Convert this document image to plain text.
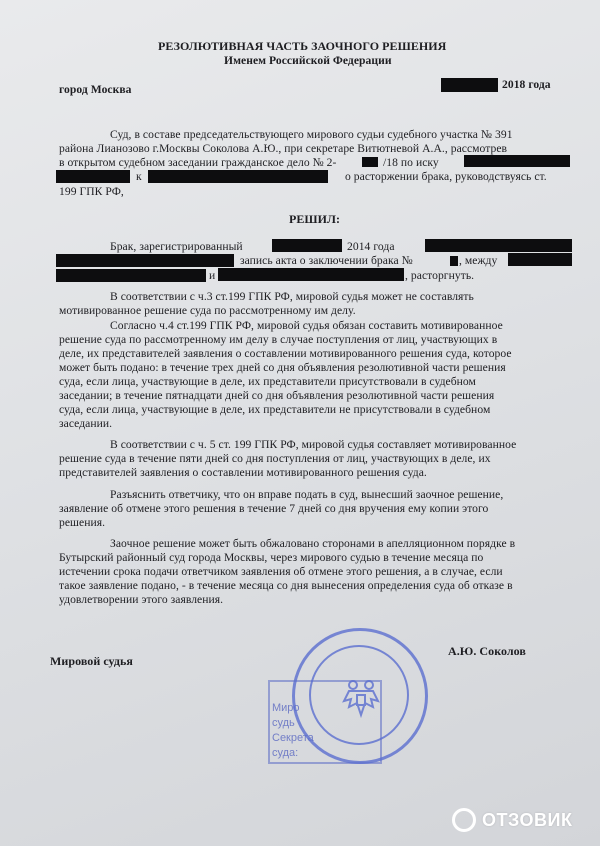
РЕЗОЛЮТИВНАЯ ЧАСТЬ ЗАОЧНОГО РЕШЕНИЯ
Именем Российской Федерации
город Москва	2018 года
Суд, в составе председательствующего мирового судьи судебного участка № 391
района Лианозово г.Москвы Соколова А.Ю., при секретаре Витютневой А.А., рассмотрев
в открытом судебном заседании гражданское дело № 2-	/18 по иску
к	о расторжении брака, руководствуясь ст.
199 ГПК РФ,
РЕШИЛ:
Брак, зарегистрированный	2014 года
запись акта о заключении брака №	, между
и	, расторгнуть.
В соответствии с ч.3 ст.199 ГПК РФ, мировой судья может не составлять
мотивированное решение суда по рассмотренному им делу.
Согласно ч.4 ст.199 ГПК РФ, мировой судья обязан составить мотивированное
решение суда по рассмотренному им делу в случае поступления от лиц, участвующих в
деле, их представителей заявления о составлении мотивированного решения суда, которое
может быть подано: в течение трех дней со дня объявления резолютивной части решения
суда, если лица, участвующие в деле, их представители присутствовали в судебном
заседании; в течение пятнадцати дней со дня объявления резолютивной части решения
суда, если лица, участвующие в деле, их представители не присутствовали в судебном
заседании.
В соответствии с ч. 5 ст. 199 ГПК РФ, мировой судья составляет мотивированное
решение суда в течение пяти дней со дня поступления от лиц, участвующих в деле, их
представителей заявления о составлении мотивированного решения суда.
Разъяснить ответчику, что он вправе подать в суд, вынесший заочное решение,
заявление об отмене этого решения в течение 7 дней со дня вручения ему копии этого
решения.
Заочное решение может быть обжаловано сторонами в апелляционном порядке в
Бутырский районный суд города Москвы, через мирового судью в течение месяца по
истечении срока подачи ответчиком заявления об отмене этого решения, а в случае, если
такое заявление подано, - в течение месяца со дня вынесения определения суда об отказе в
удовлетворении этого заявления.
Мировой судья
А.Ю. Соколов
Миро
судь
Секрета
суда:
ОТЗОВИК
